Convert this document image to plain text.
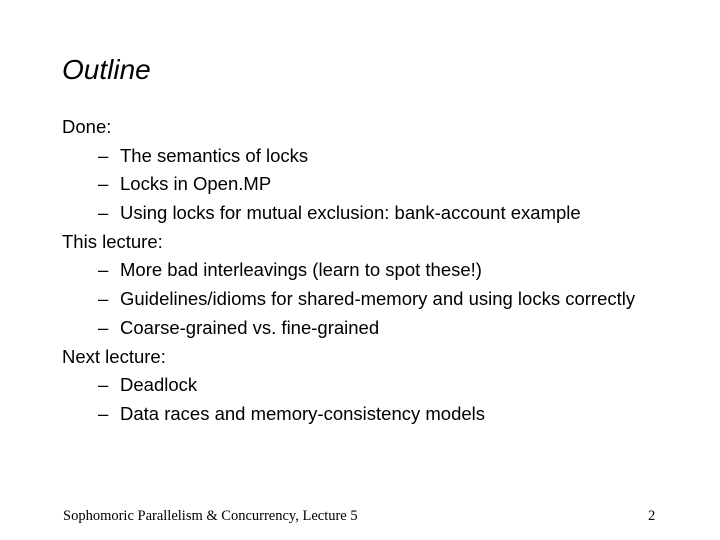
Outline
Done:
– The semantics of locks
– Locks in Open.MP
– Using locks for mutual exclusion: bank-account example
This lecture:
– More bad interleavings (learn to spot these!)
– Guidelines/idioms for shared-memory and using locks correctly
– Coarse-grained vs. fine-grained
Next lecture:
– Deadlock
– Data races and memory-consistency models
Sophomoric Parallelism & Concurrency, Lecture 5	2
